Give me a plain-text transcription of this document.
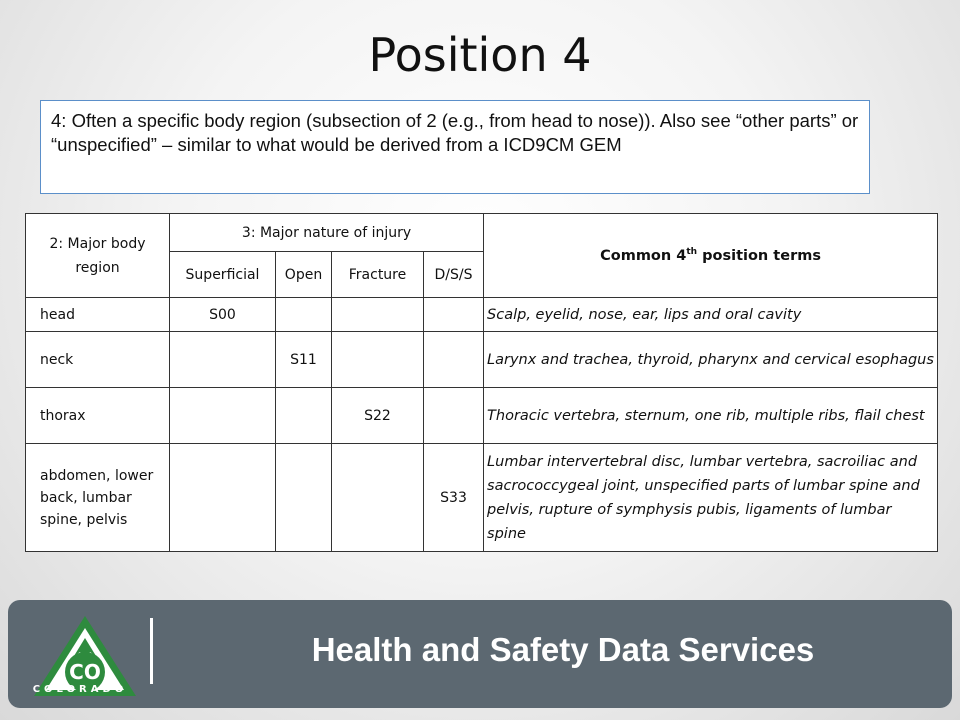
Position 4
4: Often a specific body region (subsection of 2 (e.g., from head to nose)). Also see “other parts” or “unspecified” – similar to what would be derived from a ICD9CM GEM
2: Major body region	3: Major nature of injury				Common 4th position terms
	Superficial	Open	Fracture	D/S/S	
head	S00				Scalp, eyelid, nose, ear, lips and oral cavity
neck		S11			Larynx and trachea, thyroid, pharynx and cervical esophagus
thorax			S22		Thoracic vertebra, sternum, one rib, multiple ribs, flail chest
abdomen, lower back, lumbar spine, pelvis				S33	Lumbar intervertebral disc, lumbar vertebra, sacroiliac and sacrococcygeal joint, unspecified parts of lumbar spine and pelvis, rupture of symphysis pubis, ligaments of lumbar spine
CO
COLORADO
Health and Safety Data Services
